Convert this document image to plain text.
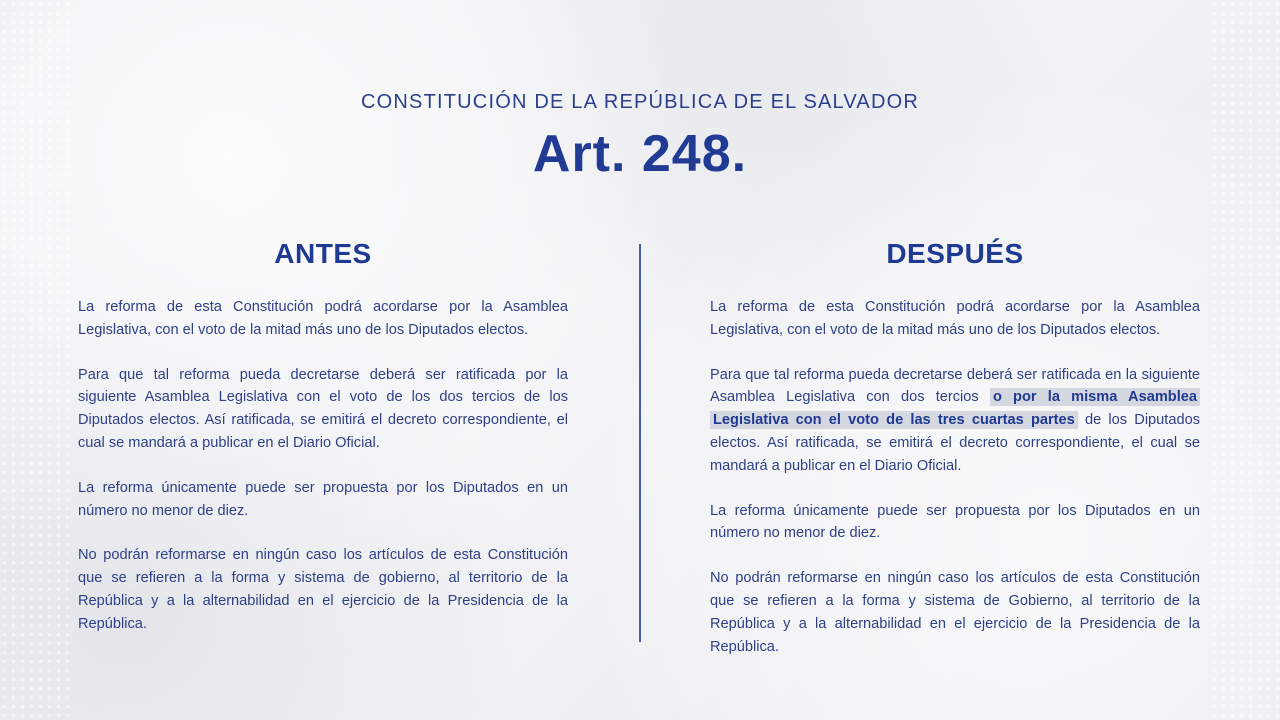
CONSTITUCIÓN DE LA REPÚBLICA DE EL SALVADOR
Art. 248.
ANTES

La reforma de esta Constitución podrá acordarse por la Asamblea Legislativa, con el voto de la mitad más uno de los Diputados electos.

Para que tal reforma pueda decretarse deberá ser ratificada por la siguiente Asamblea Legislativa con el voto de los dos tercios de los Diputados electos. Así ratificada, se emitirá el decreto correspondiente, el cual se mandará a publicar en el Diario Oficial.

La reforma únicamente puede ser propuesta por los Diputados en un número no menor de diez.

No podrán reformarse en ningún caso los artículos de esta Constitución que se refieren a la forma y sistema de gobierno, al territorio de la República y a la alternabilidad en el ejercicio de la Presidencia de la República.

DESPUÉS

La reforma de esta Constitución podrá acordarse por la Asamblea Legislativa, con el voto de la mitad más uno de los Diputados electos.

Para que tal reforma pueda decretarse deberá ser ratificada en la siguiente Asamblea Legislativa con dos tercios o por la misma Asamblea Legislativa con el voto de las tres cuartas partes de los Diputados electos. Así ratificada, se emitirá el decreto correspondiente, el cual se mandará a publicar en el Diario Oficial.

La reforma únicamente puede ser propuesta por los Diputados en un número no menor de diez.

No podrán reformarse en ningún caso los artículos de esta Constitución que se refieren a la forma y sistema de Gobierno, al territorio de la República y a la alternabilidad en el ejercicio de la Presidencia de la República.
